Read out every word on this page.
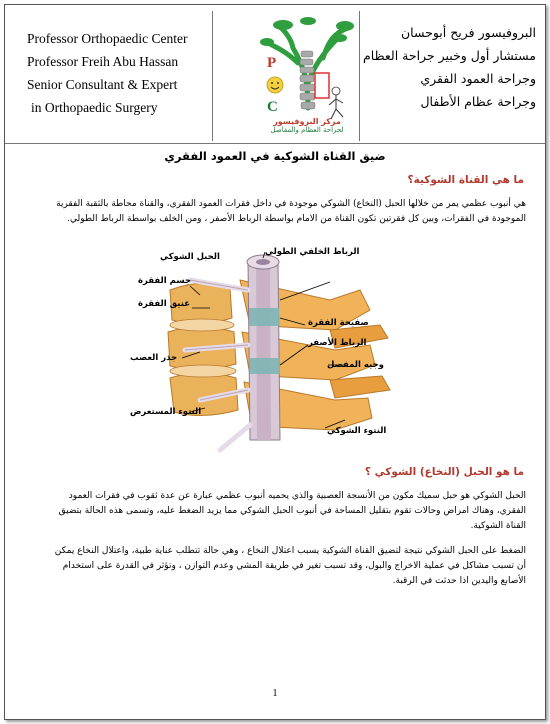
Professor Orthopaedic Center
Professor Freih Abu Hassan
Senior Consultant & Expert
in Orthopaedic Surgery
البروفيسور فريح أبوحسان
مستشار أول وخبير جراحة العظام
وجراحة العمود الفقري
وجراحة عظام الأطفال
P
C
O
مركز البروفيسور
لجراحة العظام والمفاصل
ضيق القناة الشوكية في العمود الفقري
ما هي القناة الشوكية؟
هي أنبوب عظمي يمر من خلالها الحبل (النخاع) الشوكي موجودة في داخل فقرات العمود الفقري، والقناة محاطة بالثقبة الفقرية
الموجودة في الفقرات، وبين كل فقرتين تكون القناة من الامام بواسطة الرباط الأصفر ، ومن الخلف بواسطة الرباط الطولي.
الحبل الشوكي	الرباط الخلفي الطولي
جسم الفقرة
عنيق الفقرة
صفيحة الفقرة
الرباط الأصفر
جذر العصب
وجيه المفصل
النتوء المستعرض
النتوء الشوكي
ما هو الحبل (النخاع) الشوكي ؟
الحبل الشوكي هو حبل سميك مكون من الأنسجة العصبية والذي يحميه أنبوب عظمي عبارة عن عدة ثقوب في فقرات العمود
الفقري، وهناك امراض وحالات تقوم بتقليل المساحة في أنبوب الحبل الشوكي مما يزيد الضغط عليه، وتسمى هذه الحالة بتضيق
القناة الشوكية.
الضغط على الحبل الشوكي نتيجة لتضيق القناة الشوكية يسبب اعتلال النخاع ، وهي حالة تتطلب عناية طبية، واعتلال النخاع يمكن
أن تسبب مشاكل في عملية الاخراج والبول، وقد تسبب تغير في طريقة المشي وعدم التوازن ، وتؤثر في القدرة على استخدام
الأصابع واليدين اذا حدثت في الرقبة.
1
